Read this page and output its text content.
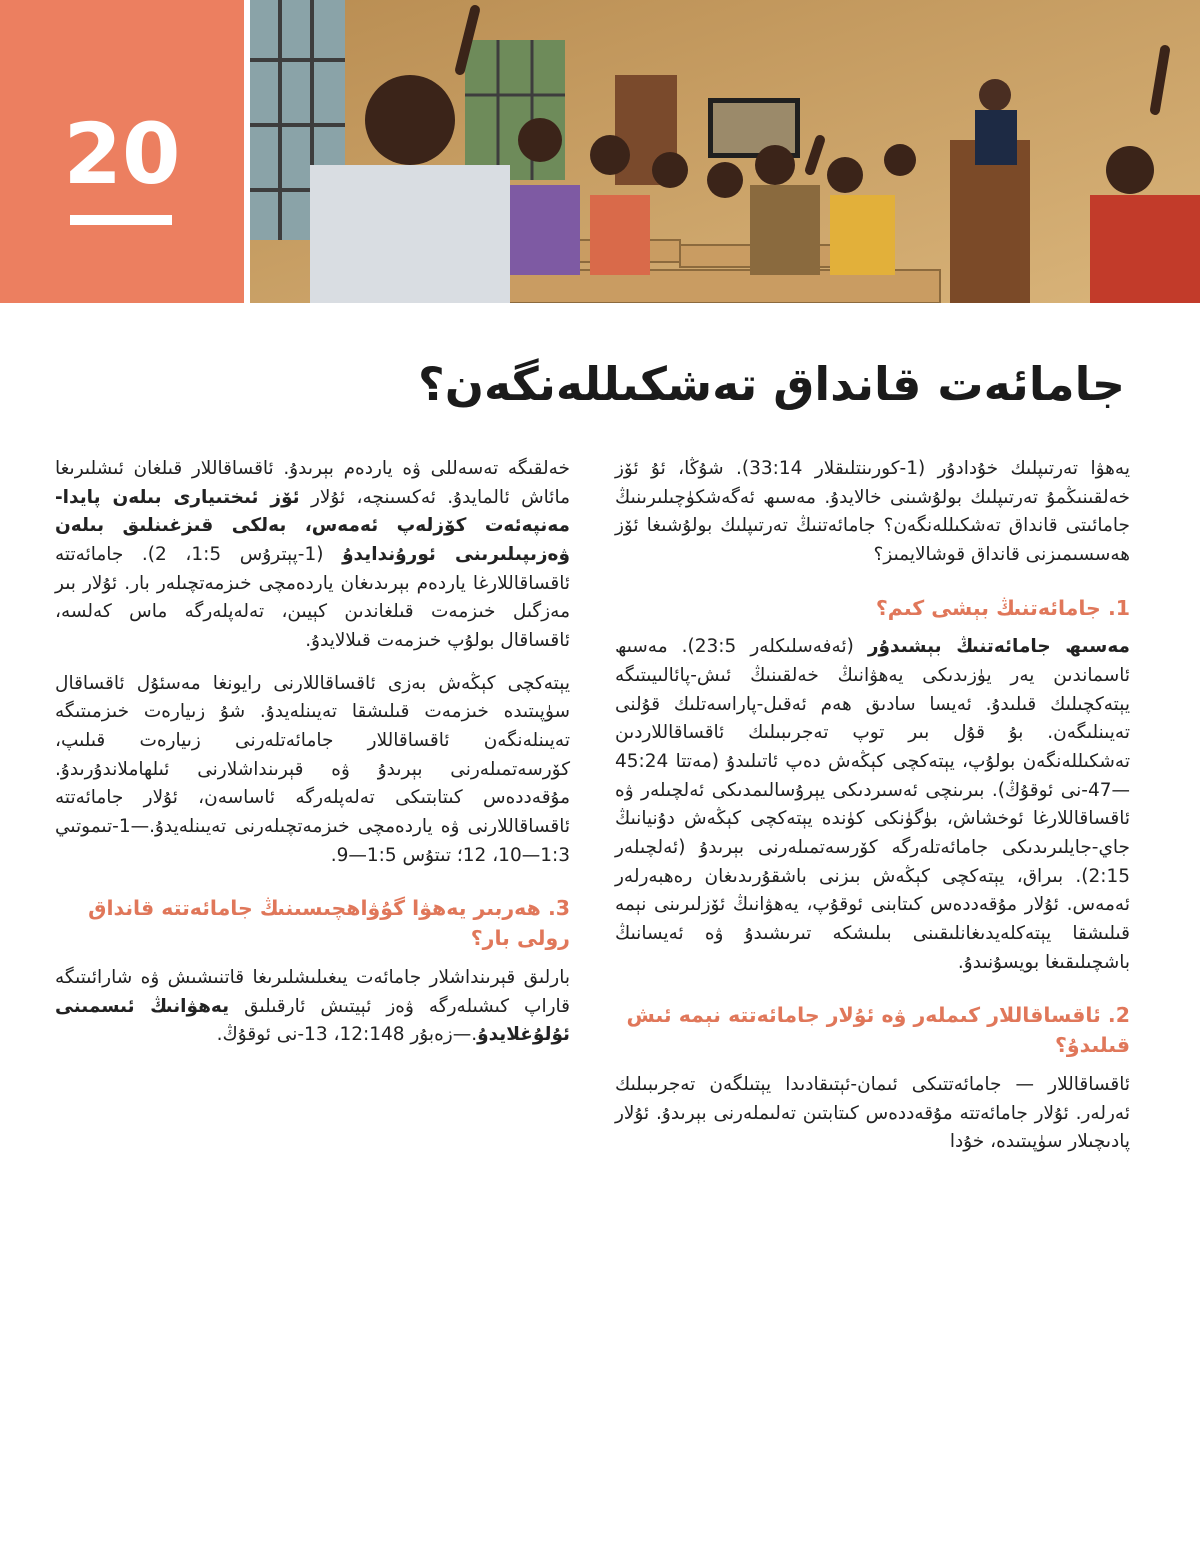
20
جامائەت قانداق تەشكىللەنگەن؟

يەھۋا تەرتىپلىك خۇدادۇر (1-كورىنتلىقلار 33:14). شۇڭا، ئۇ ئۆز خەلقىنىڭمۇ تەرتىپلىك بولۇشىنى خالايدۇ. مەسىھ ئەگەشكۈچىلىرىنىڭ جامائىتى قانداق تەشكىللەنگەن؟ جامائەتنىڭ تەرتىپلىك بولۇشىغا ئۆز ھەسسىمىزنى قانداق قوشالايمىز؟

1. جامائەتنىڭ بېشى كىم؟

مەسىھ جامائەتنىڭ بېشىدۇر (ئەفەسلىكلەر 23:5). مەسىھ ئاسماندىن يەر يۈزىدىكى يەھۋانىڭ خەلقىنىڭ ئىش-پائالىيىتىگە يېتەكچىلىك قىلىدۇ. ئەيسا سادىق ھەم ئەقىل-پاراسەتلىك قۇلنى تەيىنلىگەن. بۇ قۇل بىر توپ تەجرىبىلىك ئاقساقاللاردىن تەشكىللەنگەن بولۇپ، يېتەكچى كېڭەش دەپ ئاتىلىدۇ (مەتتا 45:24—47-نى ئوقۇڭ). بىرىنچى ئەسىردىكى يېرۇسالىمدىكى ئەلچىلەر ۋە ئاقساقاللارغا ئوخشاش، بۈگۈنكى كۈندە يېتەكچى كېڭەش دۇنيانىڭ جاي-جايلىرىدىكى جامائەتلەرگە كۆرسەتمىلەرنى بېرىدۇ (ئەلچىلەر 2:15). بىراق، يېتەكچى كېڭەش بىزنى باشقۇرىدىغان رەھبەرلەر ئەمەس. ئۇلار مۇقەددەس كىتابنى ئوقۇپ، يەھۋانىڭ ئۆزلىرىنى نېمە قىلىشقا يېتەكلەيدىغانلىقىنى بىلىشكە تىرىشىدۇ ۋە ئەيسانىڭ باشچىلىقىغا بويسۇنىدۇ.

2. ئاقساقاللار كىملەر ۋە ئۇلار جامائەتتە نېمە ئىش قىلىدۇ؟

ئاقساقاللار — جامائەتتىكى ئىمان-ئېتىقادىدا يېتىلگەن تەجرىبىلىك ئەرلەر. ئۇلار جامائەتتە مۇقەددەس كىتابتىن تەلىملەرنى بېرىدۇ. ئۇلار پادىچىلار سۈپىتىدە، خۇدا

خەلقىگە تەسەللى ۋە ياردەم بېرىدۇ. ئاقساقاللار قىلغان ئىشلىرىغا مائاش ئالمايدۇ. ئەكسىنچە، ئۇلار ئۆز ئىختىيارى بىلەن پايدا-مەنپەئەت كۆزلەپ ئەمەس، بەلكى قىزغىنلىق بىلەن ۋەزىپىلىرىنى ئورۇندايدۇ (1-پېترۇس 1:5، 2). جامائەتتە ئاقساقاللارغا ياردەم بېرىدىغان ياردەمچى خىزمەتچىلەر بار. ئۇلار بىر مەزگىل خىزمەت قىلغاندىن كېيىن، تەلەپلەرگە ماس كەلسە، ئاقساقال بولۇپ خىزمەت قىلالايدۇ.

يېتەكچى كېڭەش بەزى ئاقساقاللارنى رايونغا مەسئۇل ئاقساقال سۈپىتىدە خىزمەت قىلىشقا تەيىنلەيدۇ. شۇ زىيارەت خىزمىتىگە تەيىنلەنگەن ئاقساقاللار جامائەتلەرنى زىيارەت قىلىپ، كۆرسەتمىلەرنى بېرىدۇ ۋە قېرىنداشلارنى ئىلھاملاندۇرىدۇ. مۇقەددەس كىتابتىكى تەلەپلەرگە ئاساسەن، ئۇلار جامائەتتە ئاقساقاللارنى ۋە ياردەمچى خىزمەتچىلەرنى تەيىنلەيدۇ.—1-تىموتىي 1:3—10، 12؛ تىتۇس 1:5—9.

3. ھەربىر يەھۋا گۇۋاھچىسىنىڭ جامائەتتە قانداق رولى بار؟

بارلىق قېرىنداشلار جامائەت يىغىلىشلىرىغا قاتنىشىش ۋە شارائىتىگە قاراپ كىشىلەرگە ۋەز ئېيتىش ئارقىلىق يەھۋانىڭ ئىسمىنى ئۇلۇغلايدۇ.—زەبۇر 12:148، 13-نى ئوقۇڭ.
